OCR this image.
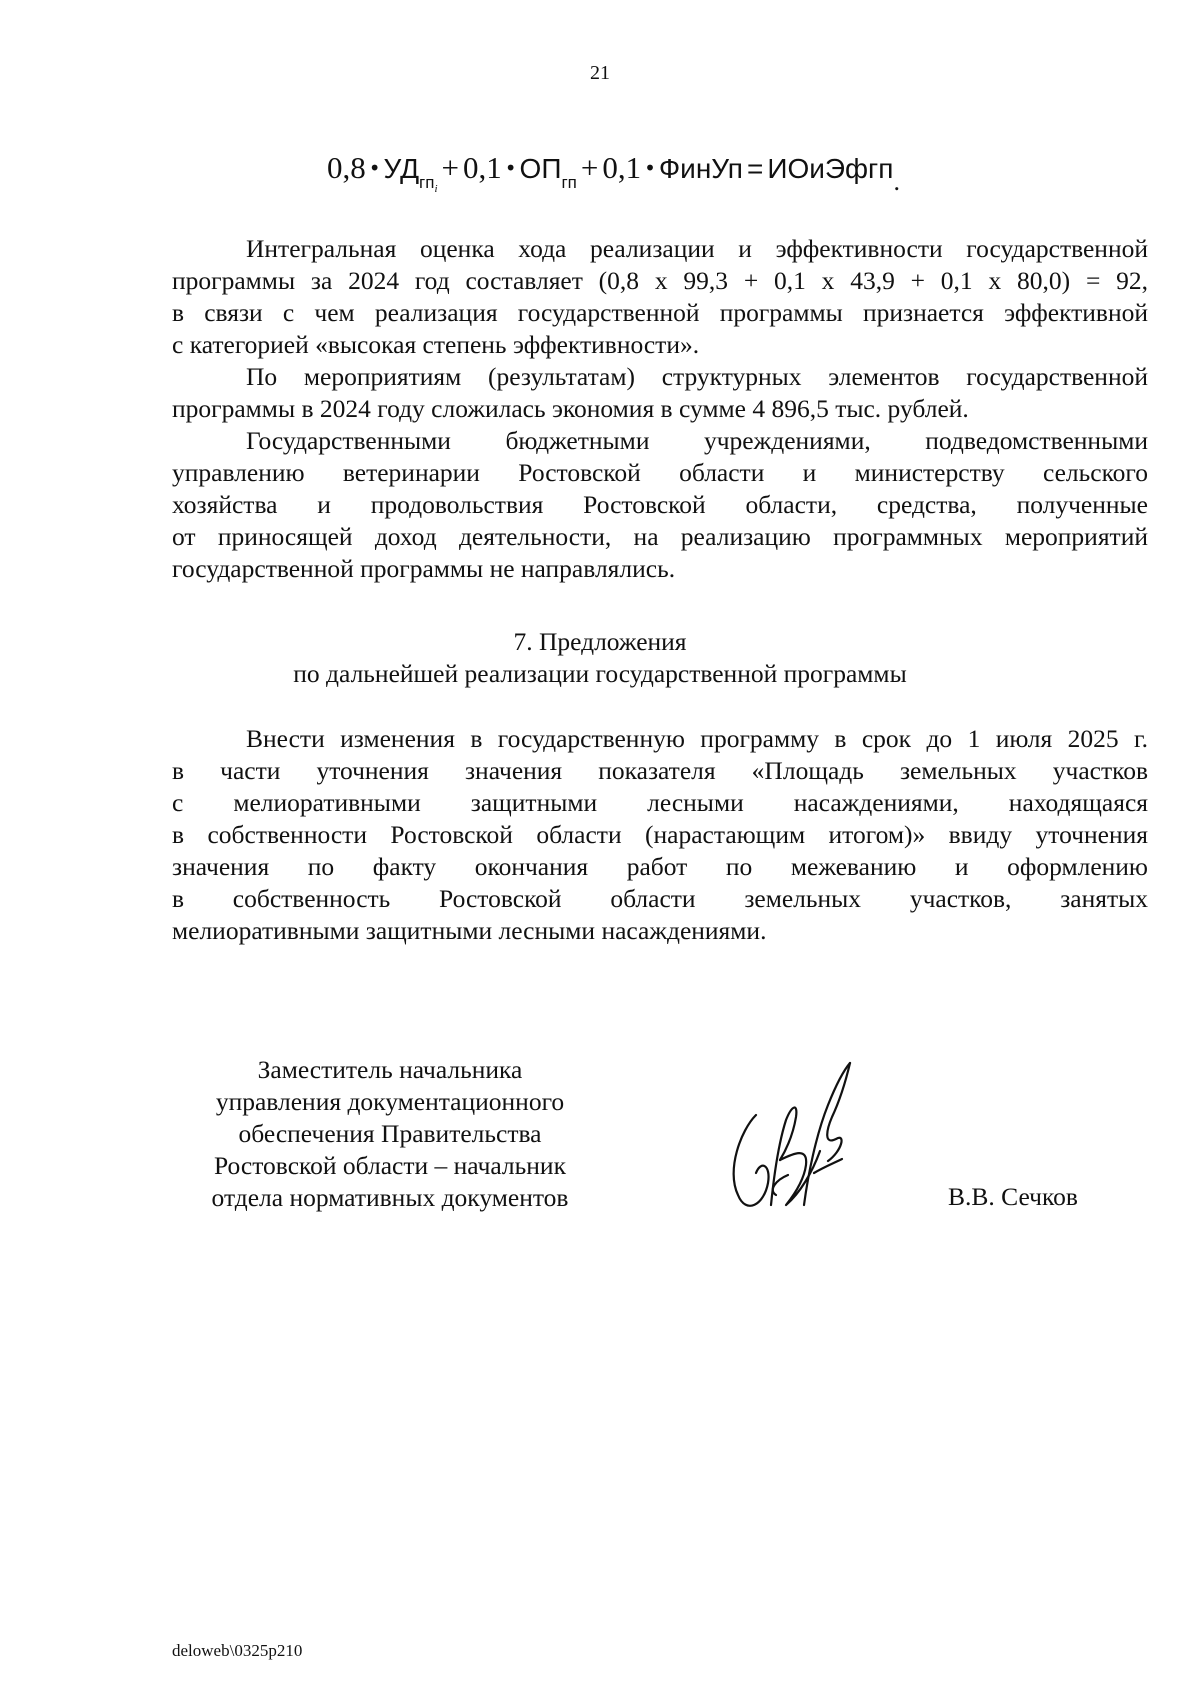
21
0,8 • $УД_{гпi}+ 0,1$ • $ОП_{гп} + 0,1$ • ФинУп = ИОиЭфгп$_.$
Интегральная оценка хода реализации и эффективности государственной
программы за 2024 год составляет (0,8 х 99,3 + 0,1 х 43,9 + 0,1 х 80,0) = 92,
в связи с чем реализация государственной программы признается эффективной
с категорией «высокая степень эффективности».
По мероприятиям (результатам) структурных элементов государственной
программы в 2024 году сложилась экономия в сумме 4 896,5 тыс. рублей.
Государственными бюджетными учреждениями, подведомственными
управлению ветеринарии Ростовской области и министерству сельского
хозяйства и продовольствия Ростовской области, средства, полученные
от приносящей доход деятельности, на реализацию программных мероприятий
государственной программы не направлялись.
7. Предложения
по дальнейшей реализации государственной программы
Внести изменения в государственную программу в срок до 1 июля 2025 г.
в части уточнения значения показателя «Площадь земельных участков
с мелиоративными защитными лесными насаждениями, находящаяся
в собственности Ростовской области (нарастающим итогом)» ввиду уточнения
значения по факту окончания работ по межеванию и оформлению
в собственность Ростовской области земельных участков, занятых
мелиоративными защитными лесными насаждениями.
Заместитель начальника
управления документационного
обеспечения Правительства
Ростовской области – начальник
отдела нормативных документов	В.В. Сечков
deloweb\0325p210
